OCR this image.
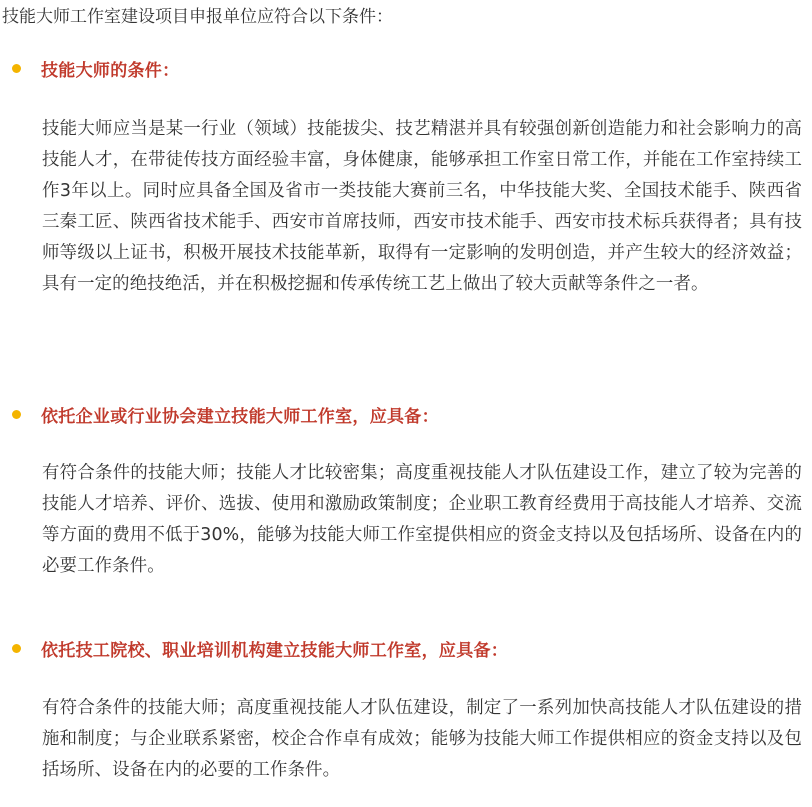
技能大师工作室建设项目申报单位应符合以下条件：

技能大师的条件：

技能大师应当是某一行业（领域）技能拔尖、技艺精湛并具有较强创新创造能力和社会影响力的高技能人才，在带徒传技方面经验丰富，身体健康，能够承担工作室日常工作，并能在工作室持续工作3年以上。同时应具备全国及省市一类技能大赛前三名，中华技能大奖、全国技术能手、陕西省三秦工匠、陕西省技术能手、西安市首席技师，西安市技术能手、西安市技术标兵获得者；具有技师等级以上证书，积极开展技术技能革新，取得有一定影响的发明创造，并产生较大的经济效益；具有一定的绝技绝活，并在积极挖掘和传承传统工艺上做出了较大贡献等条件之一者。

依托企业或行业协会建立技能大师工作室，应具备：

有符合条件的技能大师；技能人才比较密集；高度重视技能人才队伍建设工作，建立了较为完善的技能人才培养、评价、选拔、使用和激励政策制度；企业职工教育经费用于高技能人才培养、交流等方面的费用不低于30%，能够为技能大师工作室提供相应的资金支持以及包括场所、设备在内的必要工作条件。

依托技工院校、职业培训机构建立技能大师工作室，应具备：

有符合条件的技能大师；高度重视技能人才队伍建设，制定了一系列加快高技能人才队伍建设的措施和制度；与企业联系紧密，校企合作卓有成效；能够为技能大师工作提供相应的资金支持以及包括场所、设备在内的必要的工作条件。
